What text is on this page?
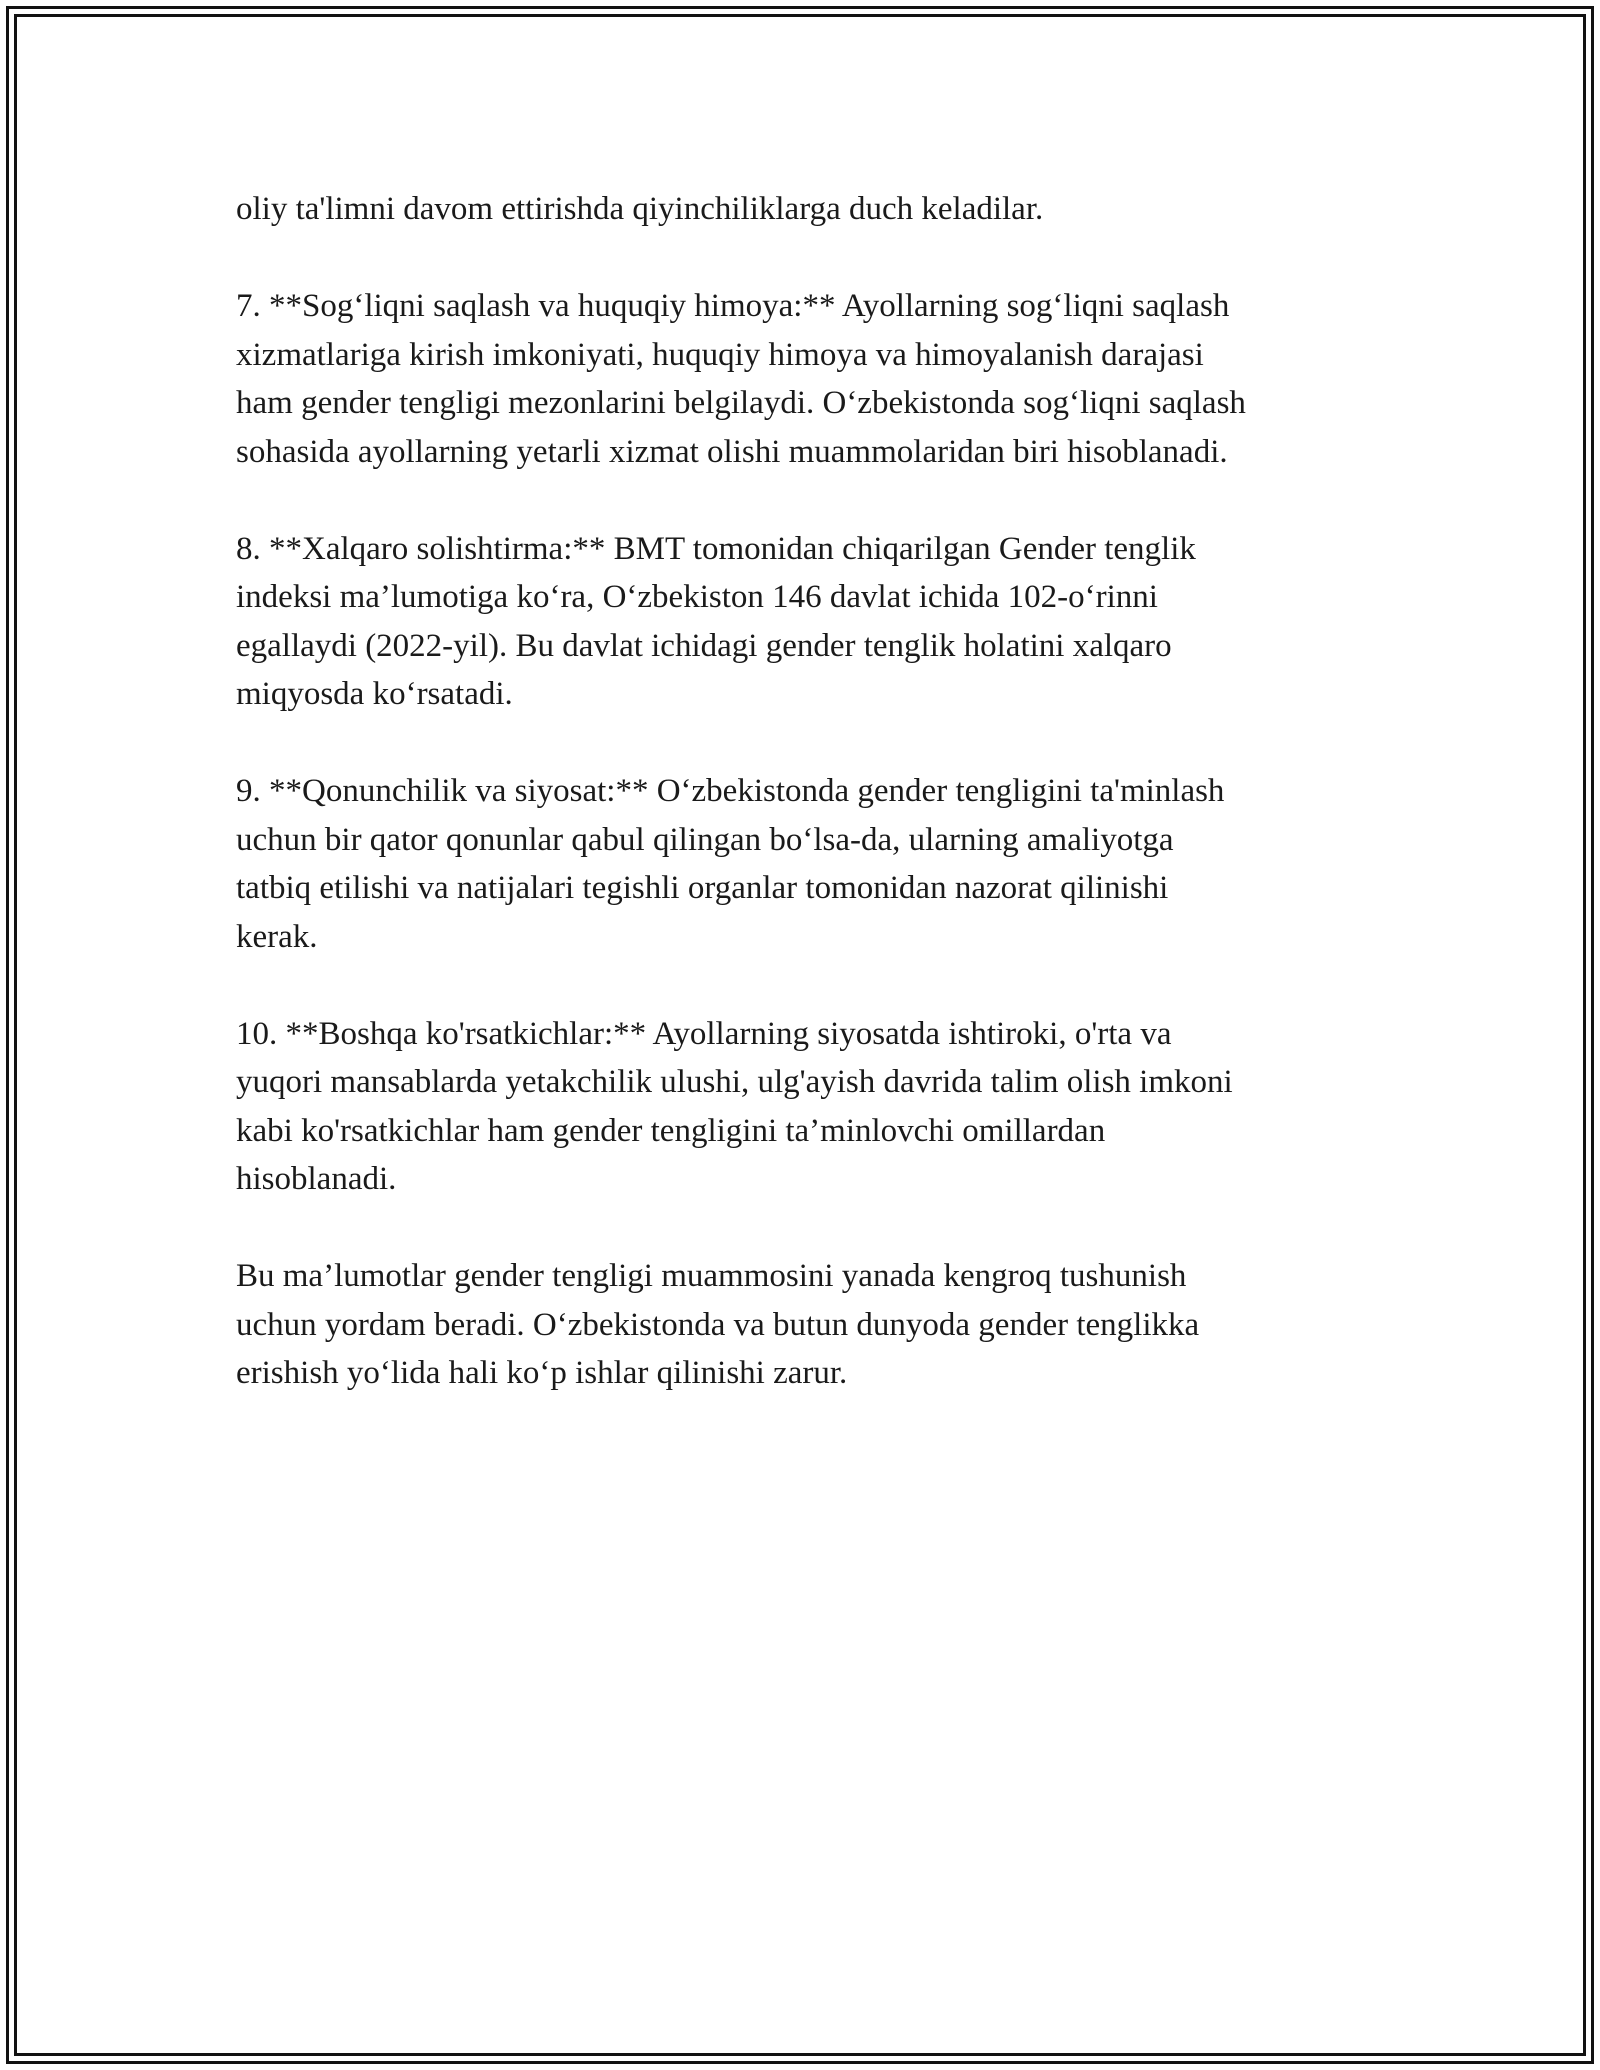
oliy ta'limni davom ettirishda qiyinchiliklarga duch keladilar.

7. **Sog‘liqni saqlash va huquqiy himoya:** Ayollarning sog‘liqni saqlash
xizmatlariga kirish imkoniyati, huquqiy himoya va himoyalanish darajasi
ham gender tengligi mezonlarini belgilaydi. O‘zbekistonda sog‘liqni saqlash
sohasida ayollarning yetarli xizmat olishi muammolaridan biri hisoblanadi.

8. **Xalqaro solishtirma:** BMT tomonidan chiqarilgan Gender tenglik
indeksi ma’lumotiga ko‘ra, O‘zbekiston 146 davlat ichida 102-o‘rinni
egallaydi (2022-yil). Bu davlat ichidagi gender tenglik holatini xalqaro
miqyosda ko‘rsatadi.

9. **Qonunchilik va siyosat:** O‘zbekistonda gender tengligini ta'minlash
uchun bir qator qonunlar qabul qilingan bo‘lsa-da, ularning amaliyotga
tatbiq etilishi va natijalari tegishli organlar tomonidan nazorat qilinishi
kerak.

10. **Boshqa ko'rsatkichlar:** Ayollarning siyosatda ishtiroki, o'rta va
yuqori mansablarda yetakchilik ulushi, ulg'ayish davrida talim olish imkoni
kabi ko'rsatkichlar ham gender tengligini ta’minlovchi omillardan
hisoblanadi.

Bu ma’lumotlar gender tengligi muammosini yanada kengroq tushunish
uchun yordam beradi. O‘zbekistonda va butun dunyoda gender tenglikka
erishish yo‘lida hali ko‘p ishlar qilinishi zarur.
